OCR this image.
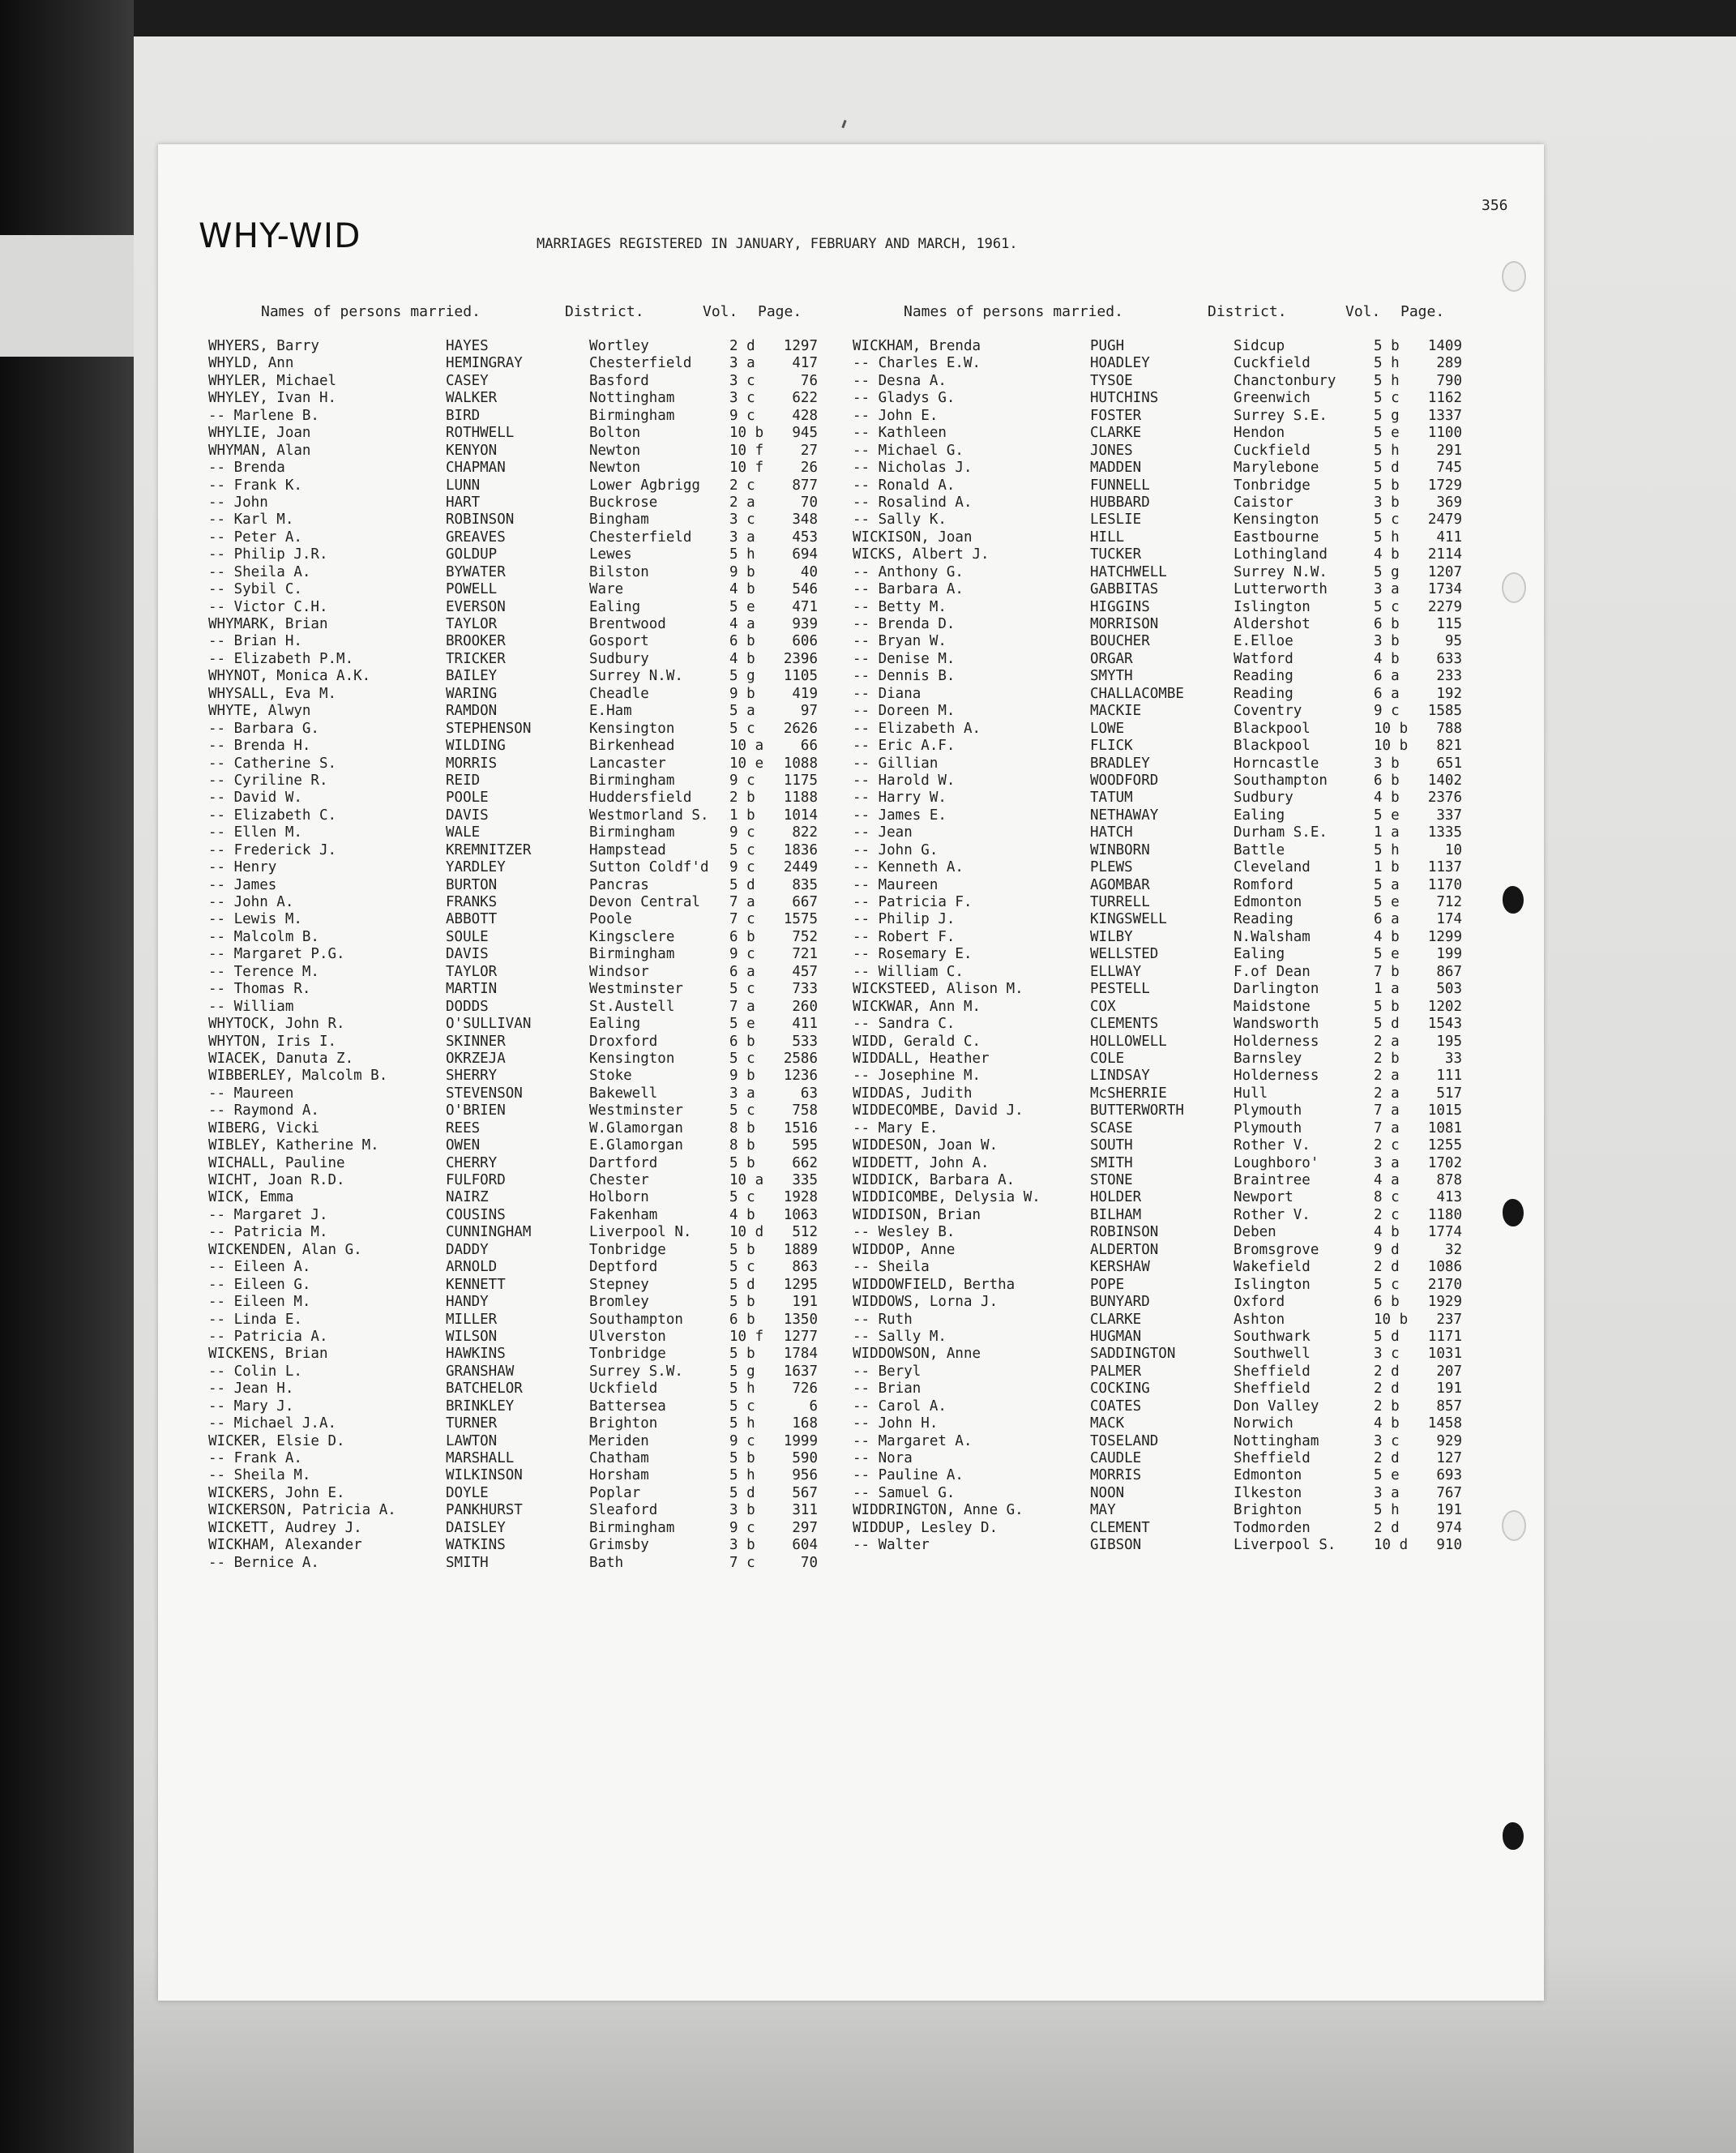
WHY-WID	MARRIAGES REGISTERED IN JANUARY, FEBRUARY AND MARCH, 1961.
356
Names of persons married.	District.	Vol. Page.	Names of persons married.	District.	Vol. Page.
WHYERS, Barry	HAYES	Wortley	2 d	1297
WHYLD, Ann	HEMINGRAY	Chesterfield	3 a	417
WHYLER, Michael	CASEY	Basford	3 c	76
WHYLEY, Ivan H.	WALKER	Nottingham	3 c	622
-- Marlene B.	BIRD	Birmingham	9 c	428
WHYLIE, Joan	ROTHWELL	Bolton	10 b	945
WHYMAN, Alan	KENYON	Newton	10 f	27
-- Brenda	CHAPMAN	Newton	10 f	26
-- Frank K.	LUNN	Lower Agbrigg 2 c	877
-- John	HART	Buckrose	2 a	70
-- Karl M.	ROBINSON	Bingham	3 c	348
-- Peter A.	GREAVES	Chesterfield	3 a	453
-- Philip J.R.	GOLDUP	Lewes	5 h	694
-- Sheila A.	BYWATER	Bilston	9 b	40
-- Sybil C.	POWELL	Ware	4 b	546
-- Victor C.H.	EVERSON	Ealing	5 e	471
WHYMARK, Brian	TAYLOR	Brentwood	4 a	939
-- Brian H.	BROOKER	Gosport	6 b	606
-- Elizabeth P.M.	TRICKER	Sudbury	4 b	2396
WHYNOT, Monica A.K.	BAILEY	Surrey N.W.	5 g	1105
WHYSALL, Eva M.	WARING	Cheadle	9 b	419
WHYTE, Alwyn	RAMDON	E.Ham	5 a	97
-- Barbara G.	STEPHENSON	Kensington	5 c	2626
-- Brenda H.	WILDING	Birkenhead	10 a	66
-- Catherine S.	MORRIS	Lancaster	10 e	1088
-- Cyriline R.	REID	Birmingham	9 c	1175
-- David W.	POOLE	Huddersfield	2 b	1188
-- Elizabeth C.	DAVIS	Westmorland S. 1 b	1014
-- Ellen M.	WALE	Birmingham	9 c	822
-- Frederick J.	KREMNITZER	Hampstead	5 c	1836
-- Henry	YARDLEY	Sutton Coldf'd 9 c	2449
-- James	BURTON	Pancras	5 d	835
-- John A.	FRANKS	Devon Central 7 a	667
-- Lewis M.	ABBOTT	Poole	7 c	1575
-- Malcolm B.	SOULE	Kingsclere	6 b	752
-- Margaret P.G.	DAVIS	Birmingham	9 c	721
-- Terence M.	TAYLOR	Windsor	6 a	457
-- Thomas R.	MARTIN	Westminster	5 c	733
-- William	DODDS	St.Austell	7 a	260
WHYTOCK, John R.	O'SULLIVAN	Ealing	5 e	411
WHYTON, Iris I.	SKINNER	Droxford	6 b	533
WIACEK, Danuta Z.	OKRZEJA	Kensington	5 c	2586
WIBBERLEY, Malcolm B.	SHERRY	Stoke	9 b	1236
-- Maureen	STEVENSON	Bakewell	3 a	63
-- Raymond A.	O'BRIEN	Westminster	5 c	758
WIBERG, Vicki	REES	W.Glamorgan	8 b	1516
WIBLEY, Katherine M.	OWEN	E.Glamorgan	8 b	595
WICHALL, Pauline	CHERRY	Dartford	5 b	662
WICHT, Joan R.D.	FULFORD	Chester	10 a	335
WICK, Emma	NAIRZ	Holborn	5 c	1928
-- Margaret J.	COUSINS	Fakenham	4 b	1063
-- Patricia M.	CUNNINGHAM	Liverpool N.	10 d	512
WICKENDEN, Alan G.	DADDY	Tonbridge	5 b	1889
-- Eileen A.	ARNOLD	Deptford	5 c	863
-- Eileen G.	KENNETT	Stepney	5 d	1295
-- Eileen M.	HANDY	Bromley	5 b	191
-- Linda E.	MILLER	Southampton	6 b	1350
-- Patricia A.	WILSON	Ulverston	10 f	1277
WICKENS, Brian	HAWKINS	Tonbridge	5 b	1784
-- Colin L.	GRANSHAW	Surrey S.W.	5 g	1637
-- Jean H.	BATCHELOR	Uckfield	5 h	726
-- Mary J.	BRINKLEY	Battersea	5 c	6
-- Michael J.A.	TURNER	Brighton	5 h	168
WICKER, Elsie D.	LAWTON	Meriden	9 c	1999
-- Frank A.	MARSHALL	Chatham	5 b	590
-- Sheila M.	WILKINSON	Horsham	5 h	956
WICKERS, John E.	DOYLE	Poplar	5 d	567
WICKERSON, Patricia A.	PANKHURST	Sleaford	3 b	311
WICKETT, Audrey J.	DAISLEY	Birmingham	9 c	297
WICKHAM, Alexander	WATKINS	Grimsby	3 b	604
-- Bernice A.	SMITH	Bath	7 c	70
WICKHAM, Brenda	PUGH	Sidcup	5 b	1409
-- Charles E.W.	HOADLEY	Cuckfield	5 h	289
-- Desna A.	TYSOE	Chanctonbury	5 h	790
-- Gladys G.	HUTCHINS	Greenwich	5 c	1162
-- John E.	FOSTER	Surrey S.E.	5 g	1337
-- Kathleen	CLARKE	Hendon	5 e	1100
-- Michael G.	JONES	Cuckfield	5 h	291
-- Nicholas J.	MADDEN	Marylebone	5 d	745
-- Ronald A.	FUNNELL	Tonbridge	5 b	1729
-- Rosalind A.	HUBBARD	Caistor	3 b	369
-- Sally K.	LESLIE	Kensington	5 c	2479
WICKISON, Joan	HILL	Eastbourne	5 h	411
WICKS, Albert J.	TUCKER	Lothingland	4 b	2114
-- Anthony G.	HATCHWELL	Surrey N.W.	5 g	1207
-- Barbara A.	GABBITAS	Lutterworth	3 a	1734
-- Betty M.	HIGGINS	Islington	5 c	2279
-- Brenda D.	MORRISON	Aldershot	6 b	115
-- Bryan W.	BOUCHER	E.Elloe	3 b	95
-- Denise M.	ORGAR	Watford	4 b	633
-- Dennis B.	SMYTH	Reading	6 a	233
-- Diana	CHALLACOMBE	Reading	6 a	192
-- Doreen M.	MACKIE	Coventry	9 c	1585
-- Elizabeth A.	LOWE	Blackpool	10 b	788
-- Eric A.F.	FLICK	Blackpool	10 b	821
-- Gillian	BRADLEY	Horncastle	3 b	651
-- Harold W.	WOODFORD	Southampton	6 b	1402
-- Harry W.	TATUM	Sudbury	4 b	2376
-- James E.	NETHAWAY	Ealing	5 e	337
-- Jean	HATCH	Durham S.E.	1 a	1335
-- John G.	WINBORN	Battle	5 h	10
-- Kenneth A.	PLEWS	Cleveland	1 b	1137
-- Maureen	AGOMBAR	Romford	5 a	1170
-- Patricia F.	TURRELL	Edmonton	5 e	712
-- Philip J.	KINGSWELL	Reading	6 a	174
-- Robert F.	WILBY	N.Walsham	4 b	1299
-- Rosemary E.	WELLSTED	Ealing	5 e	199
-- William C.	ELLWAY	F.of Dean	7 b	867
WICKSTEED, Alison M.	PESTELL	Darlington	1 a	503
WICKWAR, Ann M.	COX	Maidstone	5 b	1202
-- Sandra C.	CLEMENTS	Wandsworth	5 d	1543
WIDD, Gerald C.	HOLLOWELL	Holderness	2 a	195
WIDDALL, Heather	COLE	Barnsley	2 b	33
-- Josephine M.	LINDSAY	Holderness	2 a	111
WIDDAS, Judith	McSHERRIE	Hull	2 a	517
WIDDECOMBE, David J.	BUTTERWORTH	Plymouth	7 a	1015
-- Mary E.	SCASE	Plymouth	7 a	1081
WIDDESON, Joan W.	SOUTH	Rother V.	2 c	1255
WIDDETT, John A.	SMITH	Loughboro'	3 a	1702
WIDDICK, Barbara A.	STONE	Braintree	4 a	878
WIDDICOMBE, Delysia W.	HOLDER	Newport	8 c	413
WIDDISON, Brian	BILHAM	Rother V.	2 c	1180
-- Wesley B.	ROBINSON	Deben	4 b	1774
WIDDOP, Anne	ALDERTON	Bromsgrove	9 d	32
-- Sheila	KERSHAW	Wakefield	2 d	1086
WIDDOWFIELD, Bertha	POPE	Islington	5 c	2170
WIDDOWS, Lorna J.	BUNYARD	Oxford	6 b	1929
-- Ruth	CLARKE	Ashton	10 b	237
-- Sally M.	HUGMAN	Southwark	5 d	1171
WIDDOWSON, Anne	SADDINGTON	Southwell	3 c	1031
-- Beryl	PALMER	Sheffield	2 d	207
-- Brian	COCKING	Sheffield	2 d	191
-- Carol A.	COATES	Don Valley	2 b	857
-- John H.	MACK	Norwich	4 b	1458
-- Margaret A.	TOSELAND	Nottingham	3 c	929
-- Nora	CAUDLE	Sheffield	2 d	127
-- Pauline A.	MORRIS	Edmonton	5 e	693
-- Samuel G.	NOON	Ilkeston	3 a	767
WIDDRINGTON, Anne G.	MAY	Brighton	5 h	191
WIDDUP, Lesley D.	CLEMENT	Todmorden	2 d	974
-- Walter	GIBSON	Liverpool S.	10 d	910
